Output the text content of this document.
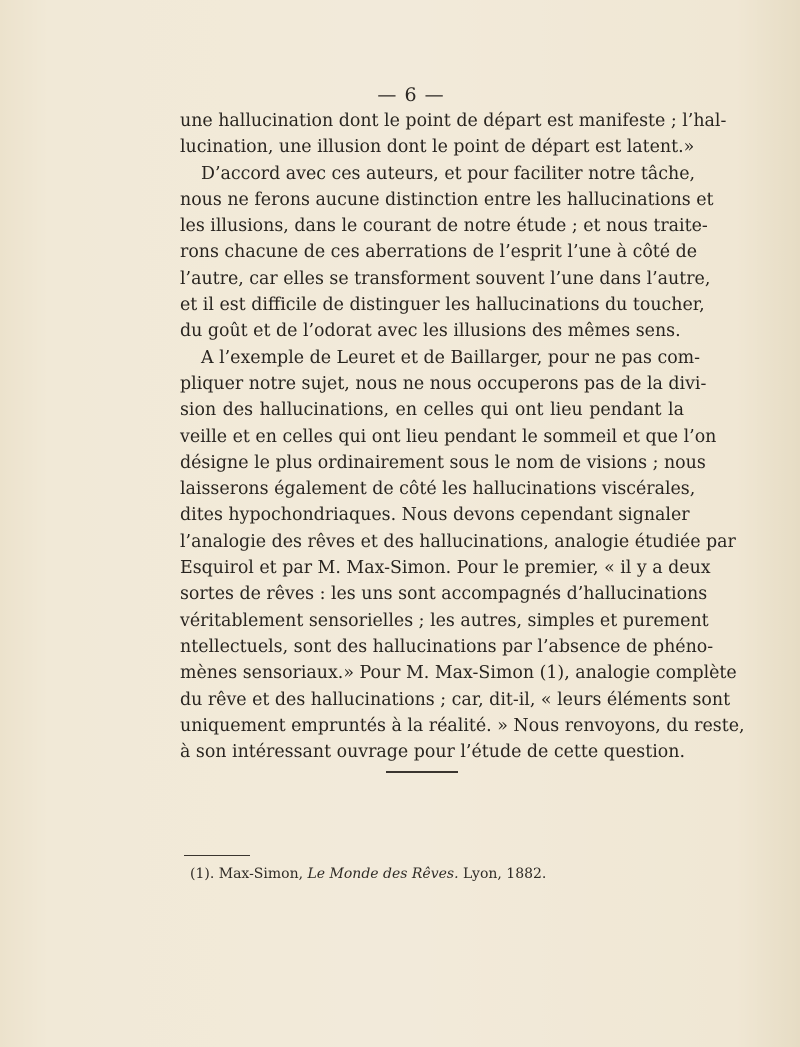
— 6 —
une hallucination dont le point de départ est manifeste ; l’hal-
lucination, une illusion dont le point de départ est latent.»
D’accord avec ces auteurs, et pour faciliter notre tâche,
nous ne ferons aucune distinction entre les hallucinations et
les illusions, dans le courant de notre étude ; et nous traite-
rons chacune de ces aberrations de l’esprit l’une à côté de
l’autre, car elles se transforment souvent l’une dans l’autre,
et il est difficile de distinguer les hallucinations du toucher,
du goût et de l’odorat avec les illusions des mêmes sens.
A l’exemple de Leuret et de Baillarger, pour ne pas com-
pliquer notre sujet, nous ne nous occuperons pas de la divi-
sion des hallucinations, en celles qui ont lieu pendant la
veille et en celles qui ont lieu pendant le sommeil et que l’on
désigne le plus ordinairement sous le nom de visions ; nous
laisserons également de côté les hallucinations viscérales,
dites hypochondriaques. Nous devons cependant signaler
l’analogie des rêves et des hallucinations, analogie étudiée par
Esquirol et par M. Max-Simon. Pour le premier, « il y a deux
sortes de rêves : les uns sont accompagnés d’hallucinations
véritablement sensorielles ; les autres, simples et purement
ntellectuels, sont des hallucinations par l’absence de phéno-
mènes sensoriaux.» Pour M. Max-Simon (1), analogie complète
du rêve et des hallucinations ; car, dit-il, « leurs éléments sont
uniquement empruntés à la réalité. » Nous renvoyons, du reste,
à son intéressant ouvrage pour l’étude de cette question.
(1). Max-Simon, Le Monde des Rêves. Lyon, 1882.
